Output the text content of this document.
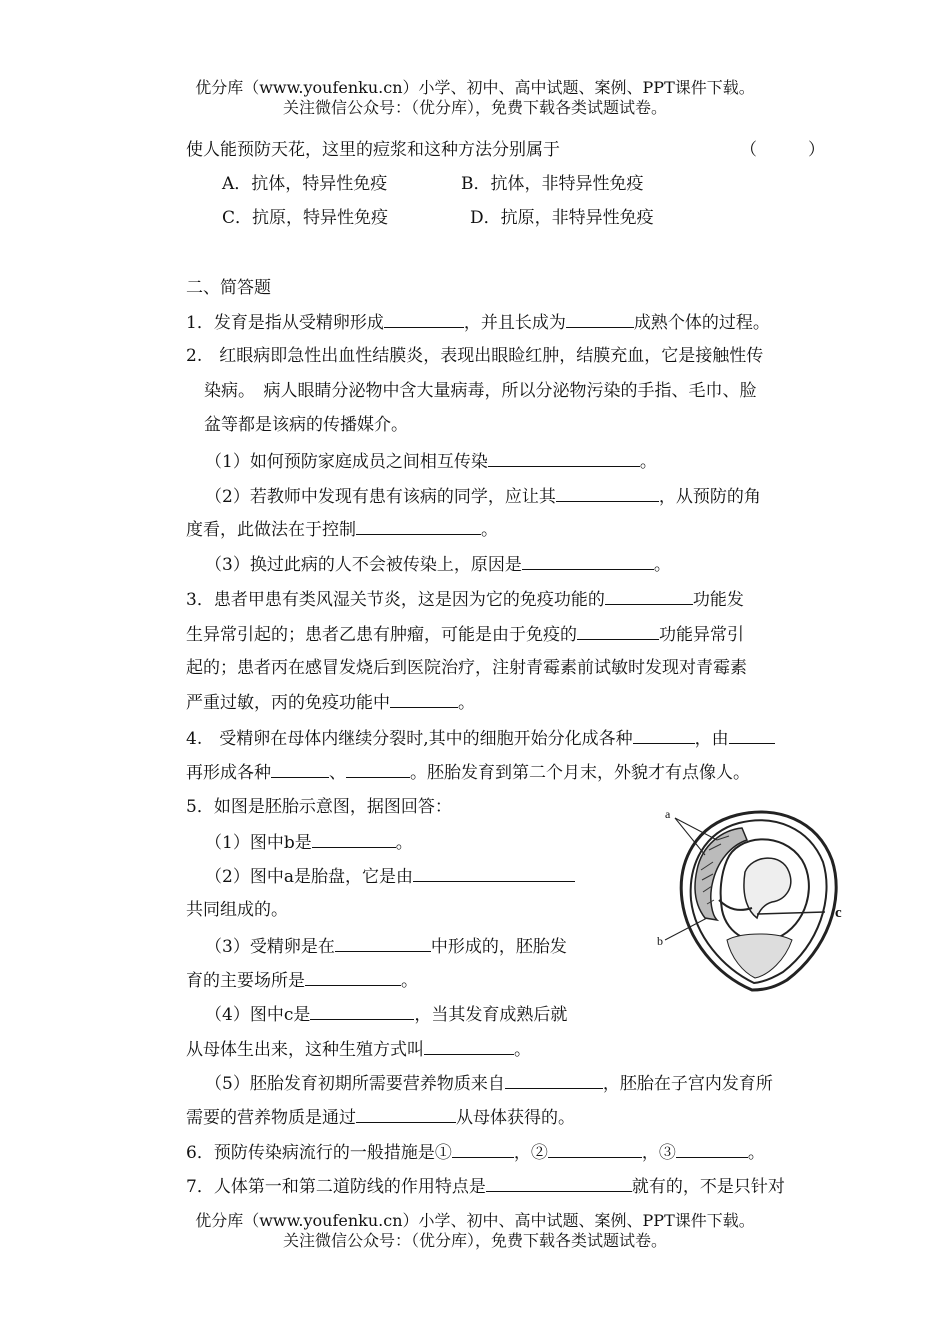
优分库（www.youfenku.cn）小学、初中、高中试题、案例、PPT课件下载。
关注微信公众号：（优分库），免费下载各类试题试卷。
使人能预防天花，这里的痘浆和这种方法分别属于	（　　　）
A．抗体，特异性免疫	B．抗体，非特异性免疫
C．抗原，特异性免疫	D．抗原，非特异性免疫
二、简答题
1．发育是指从受精卵形成	，并且长成为	成熟个体的过程。
2.　红眼病即急性出血性结膜炎，表现出眼睑红肿，结膜充血，它是接触性传
染病。　病人眼睛分泌物中含大量病毒，所以分泌物污染的手指、毛巾、脸
盆等都是该病的传播媒介。
（1）如何预防家庭成员之间相互传染	。
（2）若教师中发现有患有该病的同学，应让其	，从预防的角
度看，此做法在于控制	。
（3）换过此病的人不会被传染上，原因是	。
3．患者甲患有类风湿关节炎，这是因为它的免疫功能的	功能发
生异常引起的；患者乙患有肿瘤，可能是由于免疫的	功能异常引
起的；患者丙在感冒发烧后到医院治疗，注射青霉素前试敏时发现对青霉素
严重过敏，丙的免疫功能中	。
4.　受精卵在母体内继续分裂时,其中的细胞开始分化成各种	，由
再形成各种	、	。胚胎发育到第二个月末，外貌才有点像人。
5．如图是胚胎示意图，据图回答：
（1）图中b是	。
（2）图中a是胎盘，它是由
共同组成的。
（3）受精卵是在	中形成的，胚胎发
育的主要场所是	。
（4）图中c是	，当其发育成熟后就
从母体生出来，这种生殖方式叫	。
（5）胚胎发育初期所需要营养物质来自	，胚胎在子宫内发育所
需要的营养物质是通过	从母体获得的。
6．预防传染病流行的一般措施是①	，②	，③	。
7．人体第一和第二道防线的作用特点是	就有的，不是只针对
a
b
c
优分库（www.youfenku.cn）小学、初中、高中试题、案例、PPT课件下载。
关注微信公众号：（优分库），免费下载各类试题试卷。
